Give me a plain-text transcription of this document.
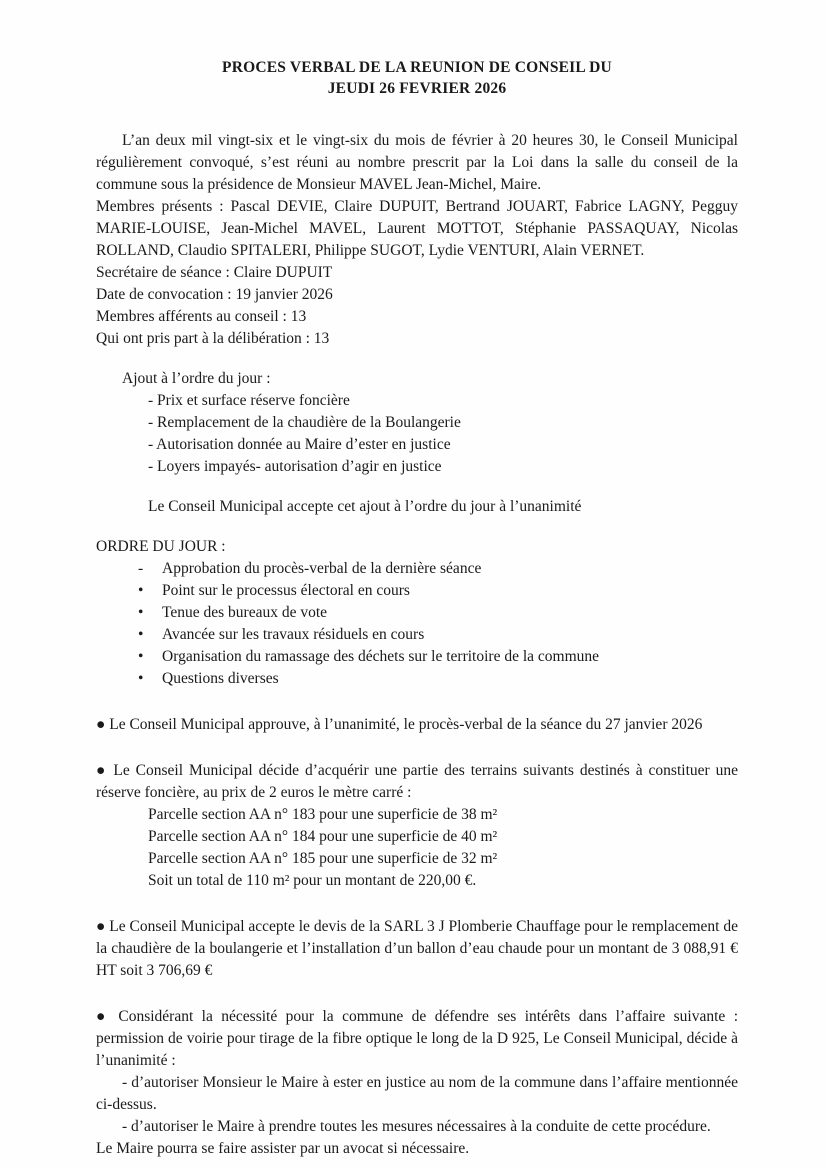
PROCES VERBAL DE LA REUNION DE CONSEIL DU
JEUDI 26 FEVRIER 2026

L’an deux mil vingt-six et le vingt-six du mois de février à 20 heures 30, le Conseil Municipal régulièrement convoqué, s’est réuni au nombre prescrit par la Loi dans la salle du conseil de la commune sous la présidence de Monsieur MAVEL Jean-Michel, Maire.

Membres présents : Pascal DEVIE, Claire DUPUIT, Bertrand JOUART, Fabrice LAGNY, Pegguy MARIE-LOUISE, Jean-Michel MAVEL, Laurent MOTTOT, Stéphanie PASSAQUAY, Nicolas ROLLAND, Claudio SPITALERI, Philippe SUGOT, Lydie VENTURI, Alain VERNET.

Secrétaire de séance : Claire DUPUIT

Date de convocation : 19 janvier 2026

Membres afférents au conseil : 13

Qui ont pris part à la délibération : 13

Ajout à l’ordre du jour :

- Prix et surface réserve foncière
- Remplacement de la chaudière de la Boulangerie
- Autorisation donnée au Maire d’ester en justice
- Loyers impayés- autorisation d’agir en justice

Le Conseil Municipal accepte cet ajout à l’ordre du jour à l’unanimité

ORDRE DU JOUR :

- Approbation du procès-verbal de la dernière séance
• Point sur le processus électoral en cours
• Tenue des bureaux de vote
• Avancée sur les travaux résiduels en cours
• Organisation du ramassage des déchets sur le territoire de la commune
• Questions diverses

● Le Conseil Municipal approuve, à l’unanimité, le procès-verbal de la séance du 27 janvier 2026

● Le Conseil Municipal décide d’acquérir une partie des terrains suivants destinés à constituer une réserve foncière, au prix de 2 euros le mètre carré :

Parcelle section AA n° 183 pour une superficie de 38 m²
Parcelle section AA n° 184 pour une superficie de 40 m²
Parcelle section AA n° 185 pour une superficie de 32 m²
Soit un total de 110 m² pour un montant de 220,00 €.

● Le Conseil Municipal accepte le devis de la SARL 3 J Plomberie Chauffage pour le remplacement de la chaudière de la boulangerie et l’installation d’un ballon d’eau chaude pour un montant de 3 088,91 € HT soit 3 706,69 €

● Considérant la nécessité pour la commune de défendre ses intérêts dans l’affaire suivante : permission de voirie pour tirage de la fibre optique le long de la D 925, Le Conseil Municipal, décide à l’unanimité :

- d’autoriser Monsieur le Maire à ester en justice au nom de la commune dans l’affaire mentionnée ci-dessus.

- d’autoriser le Maire à prendre toutes les mesures nécessaires à la conduite de cette procédure.

Le Maire pourra se faire assister par un avocat si nécessaire.
